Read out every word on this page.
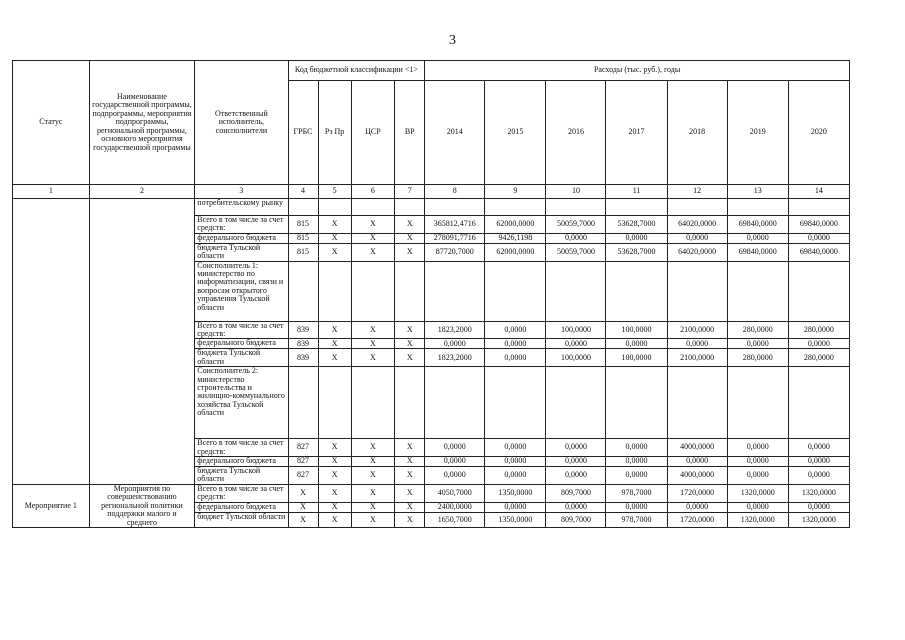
3
Статус	Наименование государственной программы, подпрограммы, мероприятия подпрограммы, региональной программы, основного мероприятия государственной программы	Ответственный исполнитель, соисполнители	Код бюджетной классификации <1>				Расходы (тыс. руб.), годы						
			ГРБС	Рз Пр	ЦСР	ВР	2014	2015	2016	2017	2018	2019	2020
1	2	3	4	5	6	7	8	9	10	11	12	13	14
		потребительскому рынку											
		Всего в том числе за счет средств:	815	Х	Х	Х	365812,4716	62000,0000	50059,7000	53628,7000	64020,0000	69840,0000	69840,0000
		федерального бюджета	815	Х	Х	Х	278091,7716	9426,1198	0,0000	0,0000	0,0000	0,0000	0,0000
		бюджета Тульской области	815	Х	Х	Х	87720,7000	62000,0000	50059,7000	53628,7000	64020,0000	69840,0000	69840,0000
		Соисполнитель 1: министерство по информатизации, связи и вопросам открытого управления Тульской области											
		Всего в том числе за счет средств:	839	Х	Х	Х	1823,2000	0,0000	100,0000	100,0000	2100,0000	280,0000	280,0000
		федерального бюджета	839	Х	Х	Х	0,0000	0,0000	0,0000	0,0000	0,0000	0,0000	0,0000
		бюджета Тульской области	839	Х	Х	Х	1823,2000	0,0000	100,0000	100,0000	2100,0000	280,0000	280,0000
		Соисполнитель 2: министерство строительства и жилищно-коммунального хозяйства Тульской области											
		Всего в том числе за счет средств:	827	Х	Х	Х	0,0000	0,0000	0,0000	0,0000	4000,0000	0,0000	0,0000
		федерального бюджета	827	Х	Х	Х	0,0000	0,0000	0,0000	0,0000	0,0000	0,0000	0,0000
		бюджета Тульской области	827	Х	Х	Х	0,0000	0,0000	0,0000	0,0000	4000,0000	0,0000	0,0000
Мероприятие 1	Мероприятия по совершенствованию региональной политики поддержки малого и среднего	Всего в том числе за счет средств:	Х	Х	Х	Х	4050,7000	1350,0000	809,7000	978,7000	1720,0000	1320,0000	1320,0000
		федерального бюджета	Х	Х	Х	Х	2400,0000	0,0000	0,0000	0,0000	0,0000	0,0000	0,0000
		бюджет Тульской области	Х	Х	Х	Х	1650,7000	1350,0000	809,7000	978,7000	1720,0000	1320,0000	1320,0000
